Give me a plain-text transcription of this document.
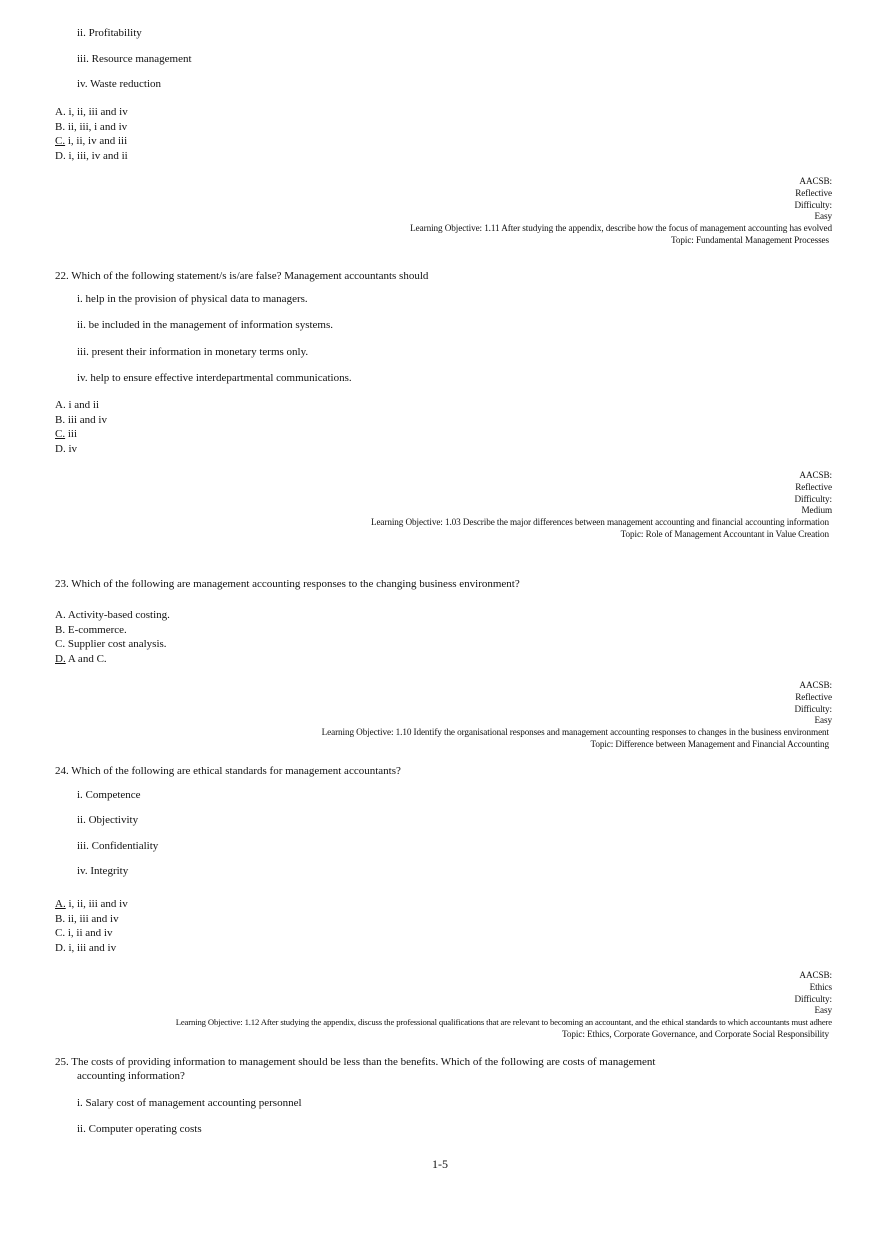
ii. Profitability
iii. Resource management
iv. Waste reduction
A. i, ii, iii and iv
B. ii, iii, i and iv
C. i, ii, iv and iii
D. i, iii, iv and ii
AACSB:
Reflective
Difficulty:
Easy
Learning Objective: 1.11 After studying the appendix, describe how the focus of management accounting has evolved
Topic: Fundamental Management Processes
22. Which of the following statement/s is/are false? Management accountants should
i. help in the provision of physical data to managers.
ii. be included in the management of information systems.
iii. present their information in monetary terms only.
iv. help to ensure effective interdepartmental communications.
A. i and ii
B. iii and iv
C. iii
D. iv
AACSB:
Reflective
Difficulty:
Medium
Learning Objective: 1.03 Describe the major differences between management accounting and financial accounting information
Topic: Role of Management Accountant in Value Creation
23. Which of the following are management accounting responses to the changing business environment?
A. Activity-based costing.
B. E-commerce.
C. Supplier cost analysis.
D. A and C.
AACSB:
Reflective
Difficulty:
Easy
Learning Objective: 1.10 Identify the organisational responses and management accounting responses to changes in the business environment
Topic: Difference between Management and Financial Accounting
24. Which of the following are ethical standards for management accountants?
i. Competence
ii. Objectivity
iii. Confidentiality
iv. Integrity
A. i, ii, iii and iv
B. ii, iii and iv
C. i, ii and iv
D. i, iii and iv
AACSB:
Ethics
Difficulty:
Easy
Learning Objective: 1.12 After studying the appendix, discuss the professional qualifications that are relevant to becoming an accountant, and the ethical standards to which accountants must adhere
Topic: Ethics, Corporate Governance, and Corporate Social Responsibility
25. The costs of providing information to management should be less than the benefits. Which of the following are costs of management
accounting information?
i. Salary cost of management accounting personnel
ii. Computer operating costs
1-5
